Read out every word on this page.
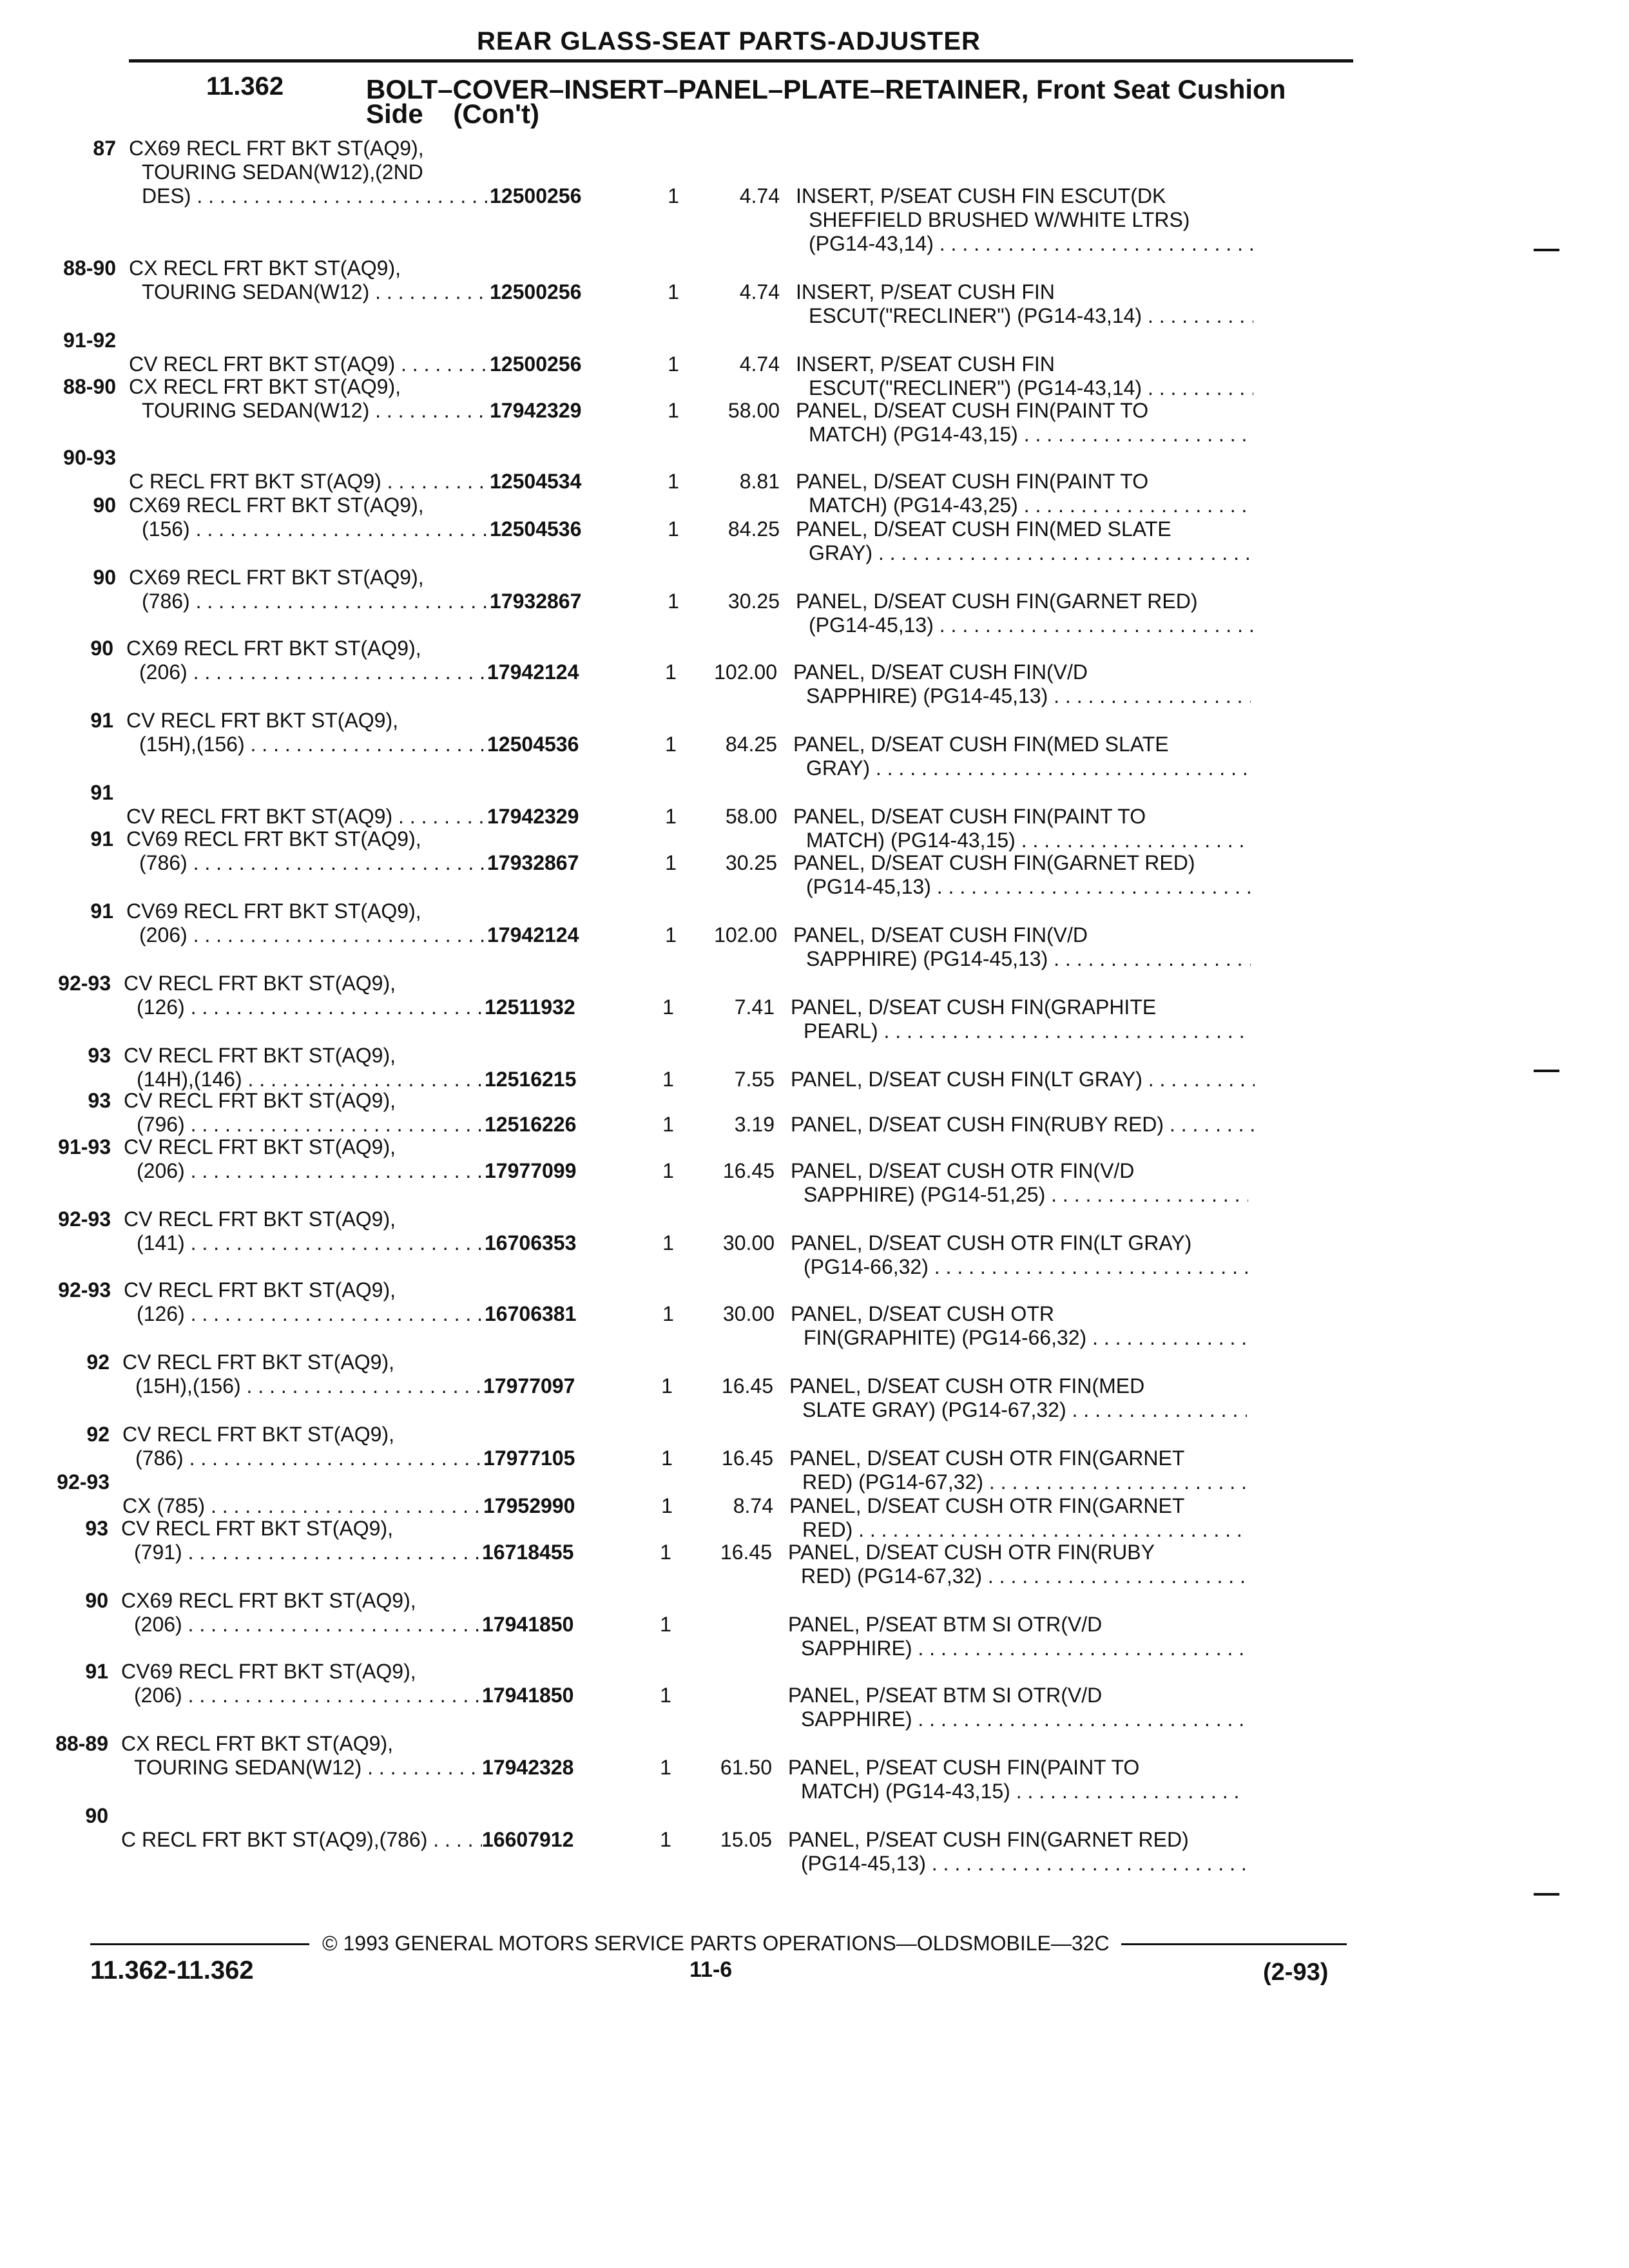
REAR GLASS-SEAT PARTS-ADJUSTER
11.362	BOLT–COVER–INSERT–PANEL–PLATE–RETAINER, Front Seat Cushion
Side    (Con't)
87 CX69 RECL FRT BKT ST(AQ9),
TOURING SEDAN(W12),(2ND
DES) . . .	12500256	1	4.74 INSERT, P/SEAT CUSH FIN ESCUT(DK
SHEFFIELD BRUSHED W/WHITE LTRS)
(PG14-43,14) . . .
88-90 CX RECL FRT BKT ST(AQ9),
TOURING SEDAN(W12) . . .	12500256	1	4.74 INSERT, P/SEAT CUSH FIN
ESCUT("RECLINER") (PG14-43,14) . . .
91-92
CV RECL FRT BKT ST(AQ9) . . .	12500256	1	4.74 INSERT, P/SEAT CUSH FIN
ESCUT("RECLINER") (PG14-43,14) . . .
88-90 CX RECL FRT BKT ST(AQ9),
TOURING SEDAN(W12) . . .	17942329	1	58.00 PANEL, D/SEAT CUSH FIN(PAINT TO
MATCH) (PG14-43,15) . . .
90-93
C RECL FRT BKT ST(AQ9) . . .	12504534	1	8.81 PANEL, D/SEAT CUSH FIN(PAINT TO
MATCH) (PG14-43,25) . . .
90 CX69 RECL FRT BKT ST(AQ9),
(156) . . .	12504536	1	84.25 PANEL, D/SEAT CUSH FIN(MED SLATE
GRAY) . . .
90 CX69 RECL FRT BKT ST(AQ9),
(786) . . .	17932867	1	30.25 PANEL, D/SEAT CUSH FIN(GARNET RED)
(PG14-45,13) . . .
90 CX69 RECL FRT BKT ST(AQ9),
(206) . . .	17942124	1	102.00 PANEL, D/SEAT CUSH FIN(V/D
SAPPHIRE) (PG14-45,13) . . .
91 CV RECL FRT BKT ST(AQ9),
(15H),(156) . . .	12504536	1	84.25 PANEL, D/SEAT CUSH FIN(MED SLATE
GRAY) . . .
91
CV RECL FRT BKT ST(AQ9) . . .	17942329	1	58.00 PANEL, D/SEAT CUSH FIN(PAINT TO
MATCH) (PG14-43,15) . . .
91 CV69 RECL FRT BKT ST(AQ9),
(786) . . .	17932867	1	30.25 PANEL, D/SEAT CUSH FIN(GARNET RED)
(PG14-45,13) . . .
91 CV69 RECL FRT BKT ST(AQ9),
(206) . . .	17942124	1	102.00 PANEL, D/SEAT CUSH FIN(V/D
SAPPHIRE) (PG14-45,13) . . .
92-93 CV RECL FRT BKT ST(AQ9),
(126) . . .	12511932	1	7.41 PANEL, D/SEAT CUSH FIN(GRAPHITE
PEARL) . . .
93 CV RECL FRT BKT ST(AQ9),
(14H),(146) . . .	12516215	1	7.55 PANEL, D/SEAT CUSH FIN(LT GRAY) . . .
93 CV RECL FRT BKT ST(AQ9),
(796) . . .	12516226	1	3.19 PANEL, D/SEAT CUSH FIN(RUBY RED) . . .
91-93 CV RECL FRT BKT ST(AQ9),
(206) . . .	17977099	1	16.45 PANEL, D/SEAT CUSH OTR FIN(V/D
SAPPHIRE) (PG14-51,25) . . .
92-93 CV RECL FRT BKT ST(AQ9),
(141) . . .	16706353	1	30.00 PANEL, D/SEAT CUSH OTR FIN(LT GRAY)
(PG14-66,32) . . .
92-93 CV RECL FRT BKT ST(AQ9),
(126) . . .	16706381	1	30.00 PANEL, D/SEAT CUSH OTR
FIN(GRAPHITE) (PG14-66,32) . . .
92 CV RECL FRT BKT ST(AQ9),
(15H),(156) . . .	17977097	1	16.45 PANEL, D/SEAT CUSH OTR FIN(MED
SLATE GRAY) (PG14-67,32) . . .
92 CV RECL FRT BKT ST(AQ9),
(786) . . .	17977105	1	16.45 PANEL, D/SEAT CUSH OTR FIN(GARNET
RED) (PG14-67,32) . . .
92-93
CX (785) . . .	17952990	1	8.74 PANEL, D/SEAT CUSH OTR FIN(GARNET
RED) . . .
93 CV RECL FRT BKT ST(AQ9),
(791) . . .	16718455	1	16.45 PANEL, D/SEAT CUSH OTR FIN(RUBY
RED) (PG14-67,32) . . .
90 CX69 RECL FRT BKT ST(AQ9),
(206) . . .	17941850	1	PANEL, P/SEAT BTM SI OTR(V/D
SAPPHIRE) . . .
91 CV69 RECL FRT BKT ST(AQ9),
(206) . . .	17941850	1	PANEL, P/SEAT BTM SI OTR(V/D
SAPPHIRE) . . .
88-89 CX RECL FRT BKT ST(AQ9),
TOURING SEDAN(W12) . . .	17942328	1	61.50 PANEL, P/SEAT CUSH FIN(PAINT TO
MATCH) (PG14-43,15) . . .
90
C RECL FRT BKT ST(AQ9),(786) . . .	16607912	1	15.05 PANEL, P/SEAT CUSH FIN(GARNET RED)
(PG14-45,13) . . .
© 1993 GENERAL MOTORS SERVICE PARTS OPERATIONS—OLDSMOBILE—32C
11.362-11.362	11-6	(2-93)
